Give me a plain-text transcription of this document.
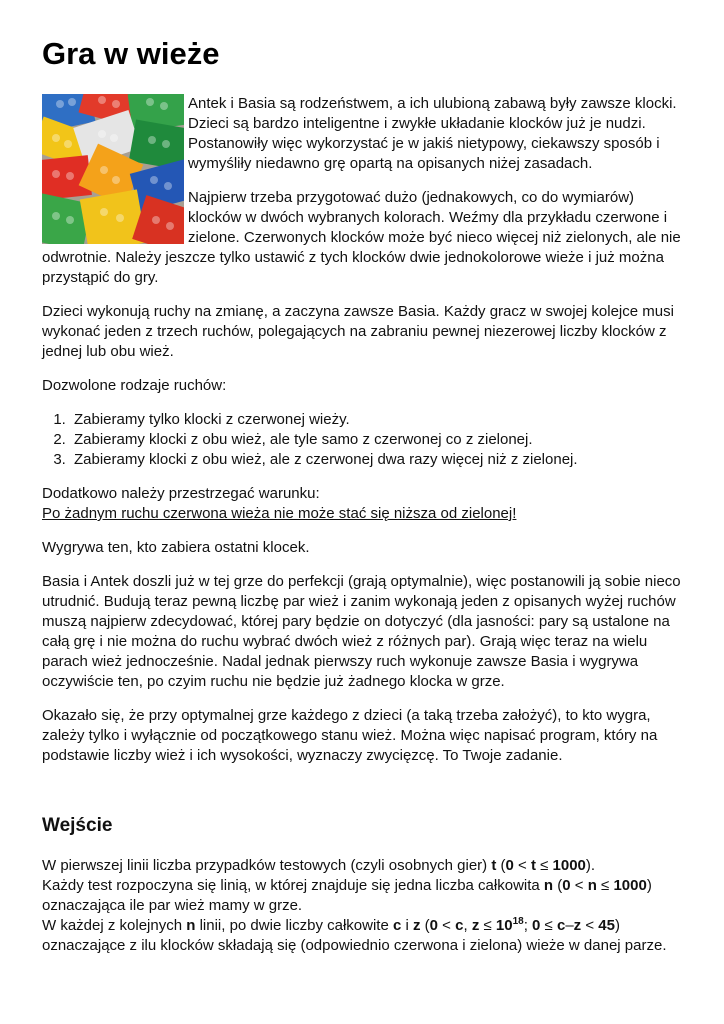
Gra w wieże

Antek i Basia są rodzeństwem, a ich ulubioną zabawą były zawsze klocki. Dzieci są bardzo inteligentne i zwykłe układanie klocków już je nudzi. Postanowiły więc wykorzystać je w jakiś nietypowy, ciekawszy sposób i wymyśliły niedawno grę opartą na opisanych niżej zasadach.

Najpierw trzeba przygotować dużo (jednakowych, co do wymiarów) klocków w dwóch wybranych kolorach. Weźmy dla przykładu czerwone i zielone. Czerwonych klocków może być nieco więcej niż zielonych, ale nie odwrotnie. Należy jeszcze tylko ustawić z tych klocków dwie jednokolorowe wieże i już można przystąpić do gry.

Dzieci wykonują ruchy na zmianę, a zaczyna zawsze Basia. Każdy gracz w swojej kolejce musi wykonać jeden z trzech ruchów, polegających na zabraniu pewnej niezerowej liczby klocków z jednej lub obu wież.

Dozwolone rodzaje ruchów:

1. Zabieramy tylko klocki z czerwonej wieży.
2. Zabieramy klocki z obu wież, ale tyle samo z czerwonej co z zielonej.
3. Zabieramy klocki z obu wież, ale z czerwonej dwa razy więcej niż z zielonej.

Dodatkowo należy przestrzegać warunku:
Po żadnym ruchu czerwona wieża nie może stać się niższa od zielonej!

Wygrywa ten, kto zabiera ostatni klocek.

Basia i Antek doszli już w tej grze do perfekcji (grają optymalnie), więc postanowili ją sobie nieco utrudnić. Budują teraz pewną liczbę par wież i zanim wykonają jeden z opisanych wyżej ruchów muszą najpierw zdecydować, której pary będzie on dotyczyć (dla jasności: pary są ustalone na całą grę i nie można do ruchu wybrać dwóch wież z różnych par). Grają więc teraz na wielu parach wież jednocześnie. Nadal jednak pierwszy ruch wykonuje zawsze Basia i wygrywa oczywiście ten, po czyim ruchu nie będzie już żadnego klocka w grze.

Okazało się, że przy optymalnej grze każdego z dzieci (a taką trzeba założyć), to kto wygra, zależy tylko i wyłącznie od początkowego stanu wież. Można więc napisać program, który na podstawie liczby wież i ich wysokości, wyznaczy zwycięzcę. To Twoje zadanie.

Wejście
W pierwszej linii liczba przypadków testowych (czyli osobnych gier) t (0 < t ≤ 1000).
Każdy test rozpoczyna się linią, w której znajduje się jedna liczba całkowita n (0 < n ≤ 1000) oznaczająca ile par wież mamy w grze.
W każdej z kolejnych n linii, po dwie liczby całkowite c i z (0 < c, $z \le 10^{18}$; 0 ≤ c–z < 45) oznaczające z ilu klocków składają się (odpowiednio czerwona i zielona) wieże w danej parze.
